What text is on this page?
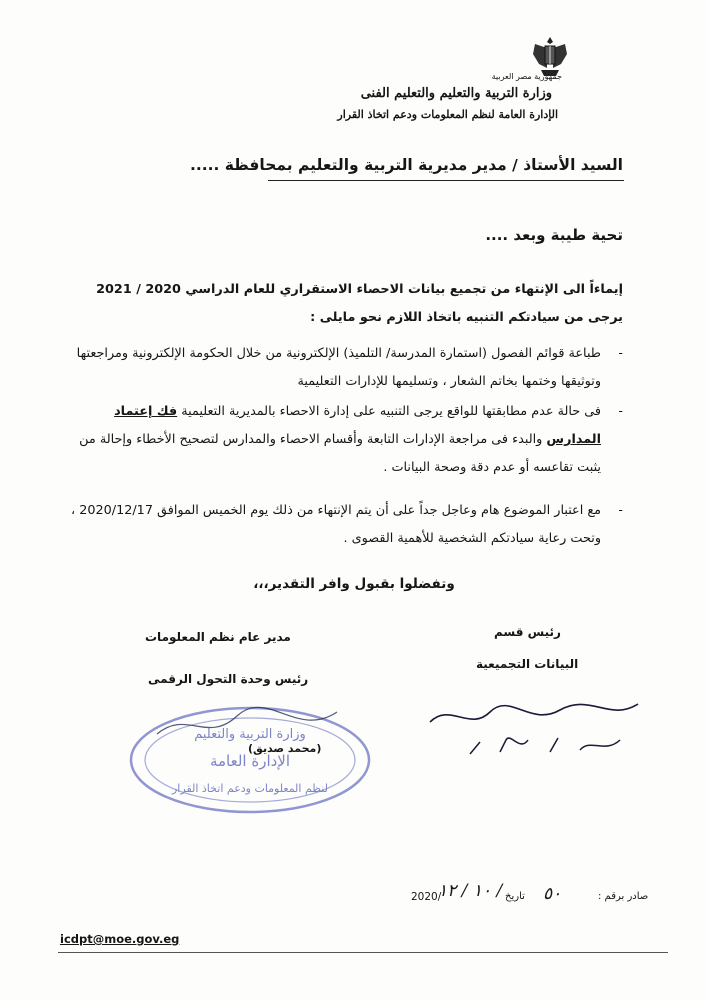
جمهورية مصر العربية
وزارة التربية والتعليم والتعليم الفنى
الإدارة العامة لنظم المعلومات ودعم اتخاذ القرار
السيد الأستاذ / مدير مديرية التربية والتعليم بمحافظة .....
تحية طيبة وبعد ....
إيماءاً الى الإنتهاء من تجميع بيانات الاحصاء الاستقراري للعام الدراسي 2020 / 2021
يرجى من سيادتكم التنبيه باتخاذ اللازم نحو مايلى :
-
طباعة قوائم الفصول (استمارة المدرسة/ التلميذ) الإلكترونية من خلال الحكومة الإلكترونية ومراجعتها وتوثيقها وختمها بخاتم الشعار ، وتسليمها للإدارات التعليمية
-
فى حالة عدم مطابقتها للواقع يرجى التنبيه على إدارة الاحصاء بالمديرية التعليمية فك إعتماد المدارس والبدء فى مراجعة الإدارات التابعة وأقسام الاحصاء والمدارس لتصحيح الأخطاء وإحالة من يثبت تقاعسه أو عدم دقة وصحة البيانات .
-
مع اعتبار الموضوع هام وعاجل جداً على أن يتم الإنتهاء من ذلك يوم الخميس الموافق 2020/12/17 ، وتحت رعاية سيادتكم الشخصية للأهمية القصوى .
وتفضلوا بقبول وافر التقدير،،،
مدير عام نظم المعلومات
رئيس وحدة التحول الرقمى
رئيس قسم
البيانات التجميعية
وزارة التربية والتعليم
الإدارة العامة
لنظم المعلومات ودعم اتخاذ القرار
(محمد صديق)
صادر برقم :
٥٠
تاريخ
١٠ / ١٢ /
2020/
icdpt@moe.gov.eg
